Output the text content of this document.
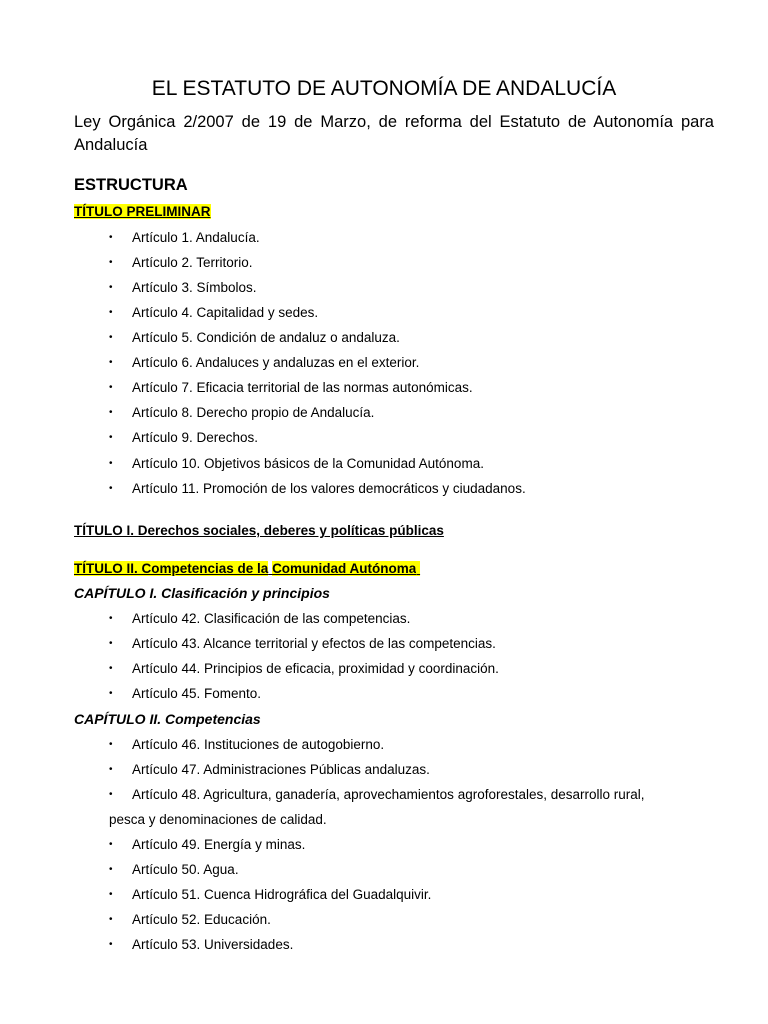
EL ESTATUTO DE AUTONOMÍA DE ANDALUCÍA

Ley Orgánica 2/2007 de 19 de Marzo, de reforma del Estatuto de Autonomía para Andalucía

ESTRUCTURA
TÍTULO PRELIMINAR
• Artículo 1. Andalucía.
• Artículo 2. Territorio.
• Artículo 3. Símbolos.
• Artículo 4. Capitalidad y sedes.
• Artículo 5. Condición de andaluz o andaluza.
• Artículo 6. Andaluces y andaluzas en el exterior.
• Artículo 7. Eficacia territorial de las normas autonómicas.
• Artículo 8. Derecho propio de Andalucía.
• Artículo 9. Derechos.
• Artículo 10. Objetivos básicos de la Comunidad Autónoma.
• Artículo 11. Promoción de los valores democráticos y ciudadanos.
TÍTULO I. Derechos sociales, deberes y políticas públicas
TÍTULO II. Competencias de la Comunidad Autónoma
CAPÍTULO I. Clasificación y principios
• Artículo 42. Clasificación de las competencias.
• Artículo 43. Alcance territorial y efectos de las competencias.
• Artículo 44. Principios de eficacia, proximidad y coordinación.
• Artículo 45. Fomento.
CAPÍTULO II. Competencias
• Artículo 46. Instituciones de autogobierno.
• Artículo 47. Administraciones Públicas andaluzas.
• Artículo 48. Agricultura, ganadería, aprovechamientos agroforestales, desarrollo rural,
pesca y denominaciones de calidad.
• Artículo 49. Energía y minas.
• Artículo 50. Agua.
• Artículo 51. Cuenca Hidrográfica del Guadalquivir.
• Artículo 52. Educación.
• Artículo 53. Universidades.
